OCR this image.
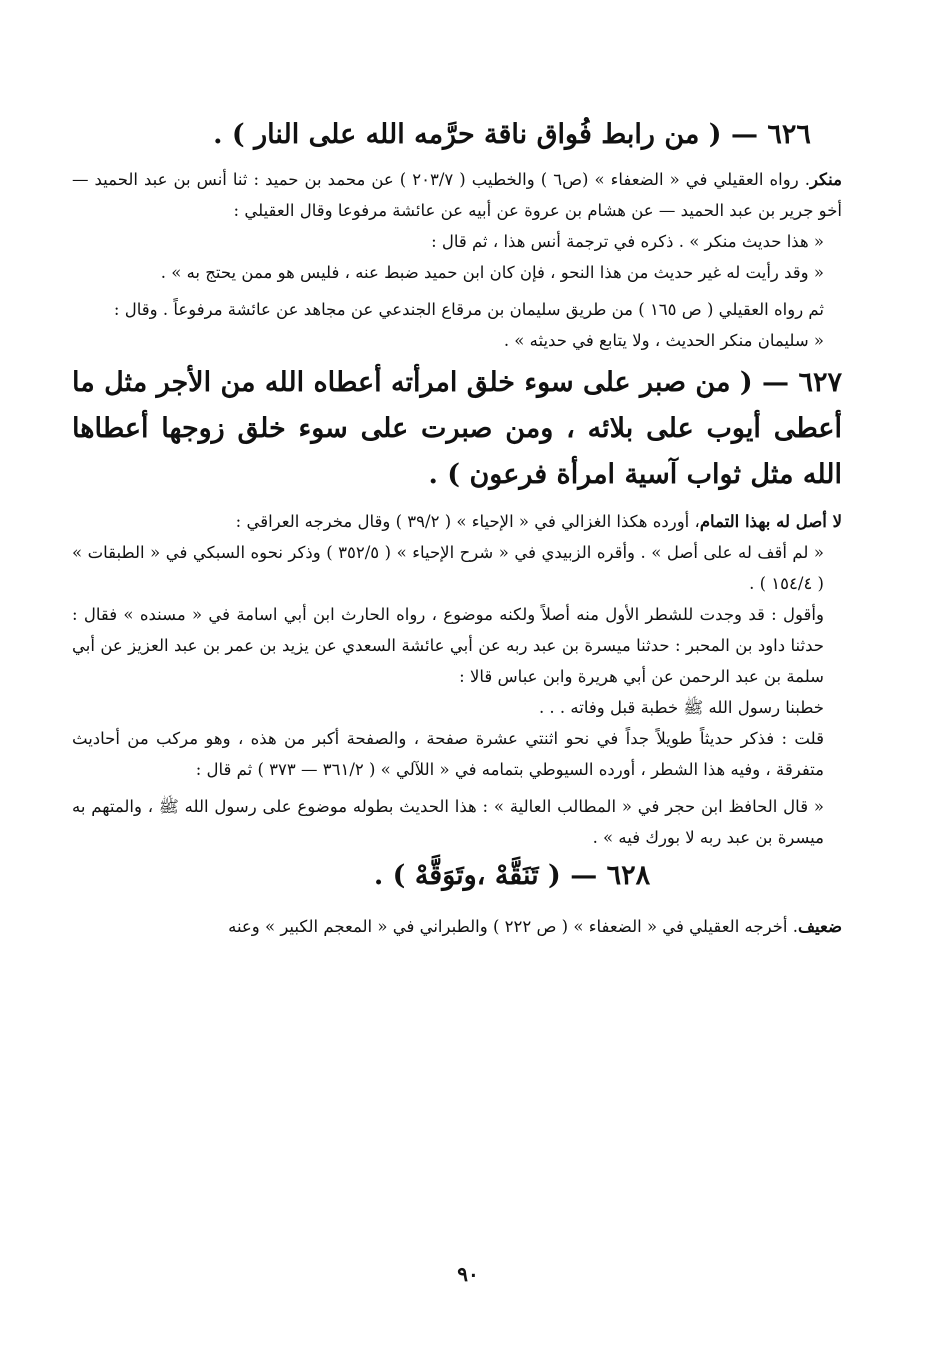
٦٢٦ — ( من رابط فُواق ناقة حرَّمه الله على النار ) .

منكر. رواه العقيلي في « الضعفاء » (ص٦ ) والخطيب ( ٢٠٣/٧ ) عن محمد بن حميد : ثنا أنس بن عبد الحميد — أخو جرير بن عبد الحميد — عن هشام بن عروة عن أبيه عن عائشة مرفوعا وقال العقيلي :

« هذا حديث منكر » . ذكره في ترجمة أنس هذا ، ثم قال :

« وقد رأيت له غير حديث من هذا النحو ، فإن كان ابن حميد ضبط عنه ، فليس هو ممن يحتج به » .

ثم رواه العقيلي ( ص ١٦٥ ) من طريق سليمان بن مرقاع الجندعي عن مجاهد عن عائشة مرفوعاً . وقال :

« سليمان منكر الحديث ، ولا يتابع في حديثه » .

٦٢٧ — ( من صبر على سوء خلق امرأته أعطاه الله من الأجر مثل ما أعطى أيوب على بلائه ، ومن صبرت على سوء خلق زوجها أعطاها الله مثل ثواب آسية امرأة فرعون ) .

لا أصل له بهذا التمام، أورده هكذا الغزالي في « الإحياء » ( ٣٩/٢ ) وقال مخرجه العراقي :

« لم أقف له على أصل » . وأقره الزبيدي في « شرح الإحياء » ( ٣٥٢/٥ ) وذكر نحوه السبكي في « الطبقات » ( ١٥٤/٤ ) .

وأقول : قد وجدت للشطر الأول منه أصلاً ولكنه موضوع ، رواه الحارث ابن أبي اسامة في « مسنده » فقال : حدثنا داود بن المحبر : حدثنا ميسرة بن عبد ربه عن أبي عائشة السعدي عن يزيد بن عمر بن عبد العزيز عن أبي سلمة بن عبد الرحمن عن أبي هريرة وابن عباس قالا :

خطبنا رسول الله ﷺ خطبة قبل وفاته . . .

قلت : فذكر حديثاً طويلاً جداً في نحو اثنتي عشرة صفحة ، والصفحة أكبر من هذه ، وهو مركب من أحاديث متفرقة ، وفيه هذا الشطر ، أورده السيوطي بتمامه في « اللآلي » ( ٣٦١/٢ — ٣٧٣ ) ثم قال :

« قال الحافظ ابن حجر في « المطالب العالية » : هذا الحديث بطوله موضوع على رسول الله ﷺ ، والمتهم به ميسرة بن عبد ربه لا بورك فيه » .

٦٢٨ — ( تَنَقَّهْ ،وتَوَقَّهْ ) .

ضعيف. أخرجه العقيلي في « الضعفاء » ( ص ٢٢٢ ) والطبراني في « المعجم الكبير » وعنه

٩٠
